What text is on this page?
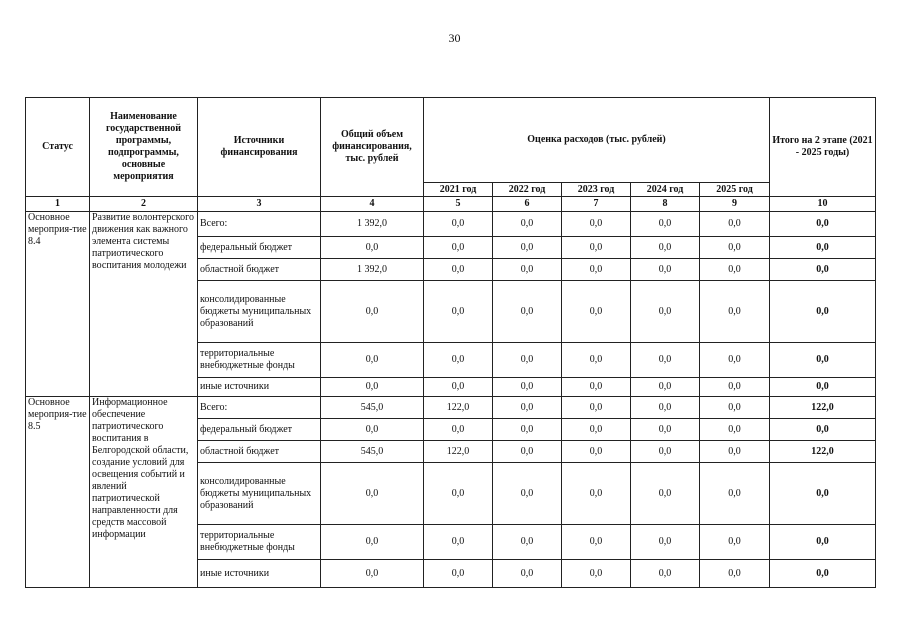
30
Статус	Наименование государственной программы, подпрограммы, основные мероприятия	Источники финансирования	Общий объем финансирования, тыс. рублей	Оценка расходов (тыс. рублей)					Итого на 2 этапе (2021 - 2025 годы)
				2021 год	2022 год	2023 год	2024 год	2025 год	
1	2	3	4	5	6	7	8	9	10
Основное мероприя-тие 8.4	Развитие волонтерского движения как важного элемента системы патриотического воспитания молодежи	Всего:	1 392,0	0,0	0,0	0,0	0,0	0,0	0,0
		федеральный бюджет	0,0	0,0	0,0	0,0	0,0	0,0	0,0
		областной бюджет	1 392,0	0,0	0,0	0,0	0,0	0,0	0,0
		консолидированные бюджеты муниципальных образований	0,0	0,0	0,0	0,0	0,0	0,0	0,0
		территориальные внебюджетные фонды	0,0	0,0	0,0	0,0	0,0	0,0	0,0
		иные источники	0,0	0,0	0,0	0,0	0,0	0,0	0,0
Основное мероприя-тие 8.5	Информационное обеспечение патриотического воспитания в Белгородской области, создание условий для освещения событий и явлений патриотической направленности для средств массовой информации	Всего:	545,0	122,0	0,0	0,0	0,0	0,0	122,0
		федеральный бюджет	0,0	0,0	0,0	0,0	0,0	0,0	0,0
		областной бюджет	545,0	122,0	0,0	0,0	0,0	0,0	122,0
		консолидированные бюджеты муниципальных образований	0,0	0,0	0,0	0,0	0,0	0,0	0,0
		территориальные внебюджетные фонды	0,0	0,0	0,0	0,0	0,0	0,0	0,0
		иные источники	0,0	0,0	0,0	0,0	0,0	0,0	0,0
